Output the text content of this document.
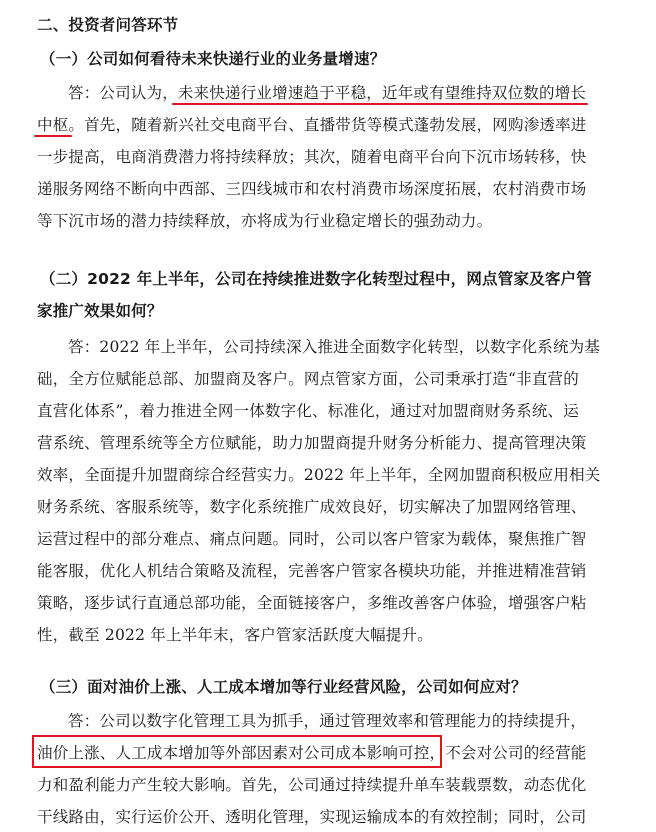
二、投资者问答环节
（一）公司如何看待未来快递行业的业务量增速？
答：公司认为，未来快递行业增速趋于平稳，近年或有望维持双位数的增长
中枢。首先，随着新兴社交电商平台、直播带货等模式蓬勃发展，网购渗透率进
一步提高，电商消费潜力将持续释放；其次，随着电商平台向下沉市场转移，快
递服务网络不断向中西部、三四线城市和农村消费市场深度拓展，农村消费市场
等下沉市场的潜力持续释放，亦将成为行业稳定增长的强劲动力。
（二）2022 年上半年，公司在持续推进数字化转型过程中，网点管家及客户管
家推广效果如何？
答：2022 年上半年，公司持续深入推进全面数字化转型，以数字化系统为基
础，全方位赋能总部、加盟商及客户。网点管家方面，公司秉承打造“非直营的
直营化体系”，着力推进全网一体数字化、标准化，通过对加盟商财务系统、运
营系统、管理系统等全方位赋能，助力加盟商提升财务分析能力、提高管理决策
效率，全面提升加盟商综合经营实力。2022 年上半年，全网加盟商积极应用相关
财务系统、客服系统等，数字化系统推广成效良好，切实解决了加盟网络管理、
运营过程中的部分难点、痛点问题。同时，公司以客户管家为载体，聚焦推广智
能客服，优化人机结合策略及流程，完善客户管家各模块功能，并推进精准营销
策略，逐步试行直通总部功能，全面链接客户，多维改善客户体验，增强客户粘
性，截至 2022 年上半年末，客户管家活跃度大幅提升。
（三）面对油价上涨、人工成本增加等行业经营风险，公司如何应对？
答：公司以数字化管理工具为抓手，通过管理效率和管理能力的持续提升，
油价上涨、人工成本增加等外部因素对公司成本影响可控，不会对公司的经营能
力和盈利能力产生较大影响。首先，公司通过持续提升单车装载票数，动态优化
干线路由，实行运价公开、透明化管理，实现运输成本的有效控制；同时，公司
